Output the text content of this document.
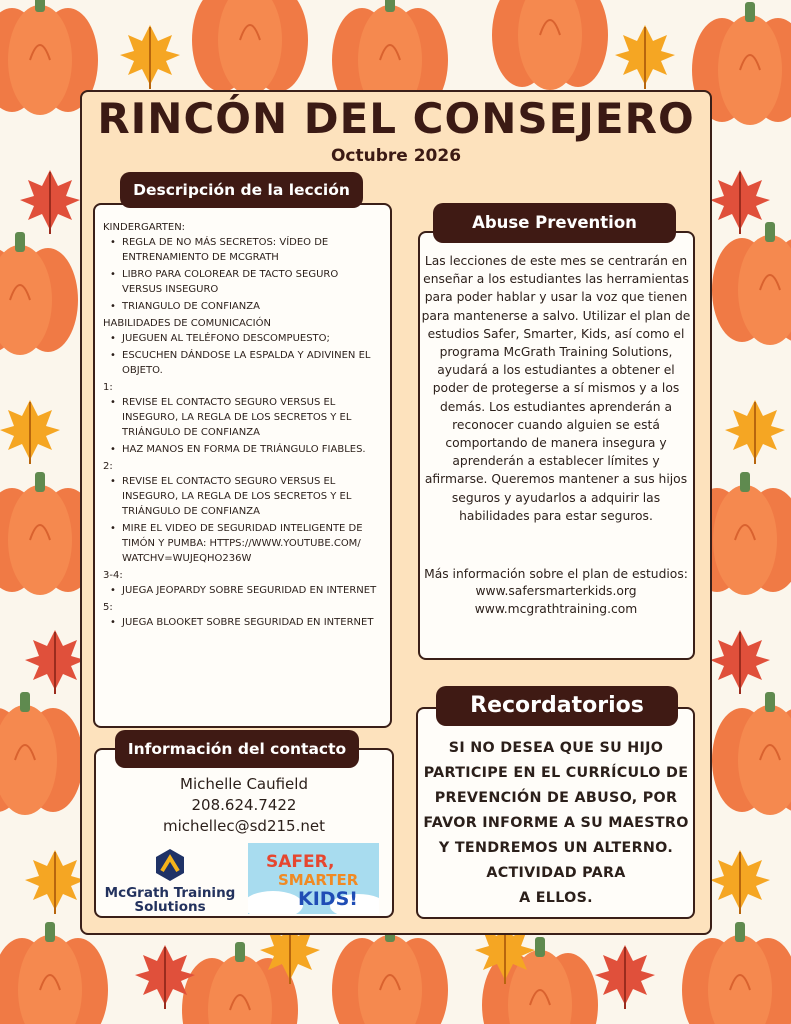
RINCÓN DEL CONSEJERO
Octubre 2026
KINDERGARTEN:
• REGLA DE NO MÁS SECRETOS: VÍDEO DE ENTRENAMIENTO DE MCGRATH
• LIBRO PARA COLOREAR DE TACTO SEGURO VERSUS INSEGURO
• TRIANGULO DE CONFIANZA
HABILIDADES DE COMUNICACIÓN
• JUEGUEN AL TELÉFONO DESCOMPUESTO;
• ESCUCHEN DÁNDOSE LA ESPALDA Y ADIVINEN EL OBJETO.
1:
• REVISE EL CONTACTO SEGURO VERSUS EL INSEGURO, LA REGLA DE LOS SECRETOS Y EL TRIÁNGULO DE CONFIANZA
• HAZ MANOS EN FORMA DE TRIÁNGULO FIABLES.
2:
• REVISE EL CONTACTO SEGURO VERSUS EL INSEGURO, LA REGLA DE LOS SECRETOS Y EL TRIÁNGULO DE CONFIANZA
• MIRE EL VIDEO DE SEGURIDAD INTELIGENTE DE TIMÓN Y PUMBA: HTTPS://WWW.YOUTUBE.COM/ WATCHV=WUJEQHO236W
3-4:
• JUEGA JEOPARDY SOBRE SEGURIDAD EN INTERNET
5:
• JUEGA BLOOKET SOBRE SEGURIDAD EN INTERNET
Descripción de la lección
Abuse Prevention
Las lecciones de este mes se centrarán en enseñar a los estudiantes las herramientas para poder hablar y usar la voz que tienen para mantenerse a salvo. Utilizar el plan de estudios Safer, Smarter, Kids, así como el programa McGrath Training Solutions, ayudará a los estudiantes a obtener el poder de protegerse a sí mismos y a los demás. Los estudiantes aprenderán a reconocer cuando alguien se está comportando de manera insegura y aprenderán a establecer límites y afirmarse. Queremos mantener a sus hijos seguros y ayudarlos a adquirir las habilidades para estar seguros.
Más información sobre el plan de estudios:
www.safersmarterkids.org
www.mcgrathtraining.com
Recordatorios
SI NO DESEA QUE SU HIJO
PARTICIPE EN EL CURRÍCULO DE
PREVENCIÓN DE ABUSO, POR
FAVOR INFORME A SU MAESTRO
Y TENDREMOS UN ALTERNO.
ACTIVIDAD PARA
A ELLOS.
Información del contacto
Michelle Caufield
208.624.7422
michellec@sd215.net
McGrath Training Solutions
SAFER,
SMARTER
KIDS!
